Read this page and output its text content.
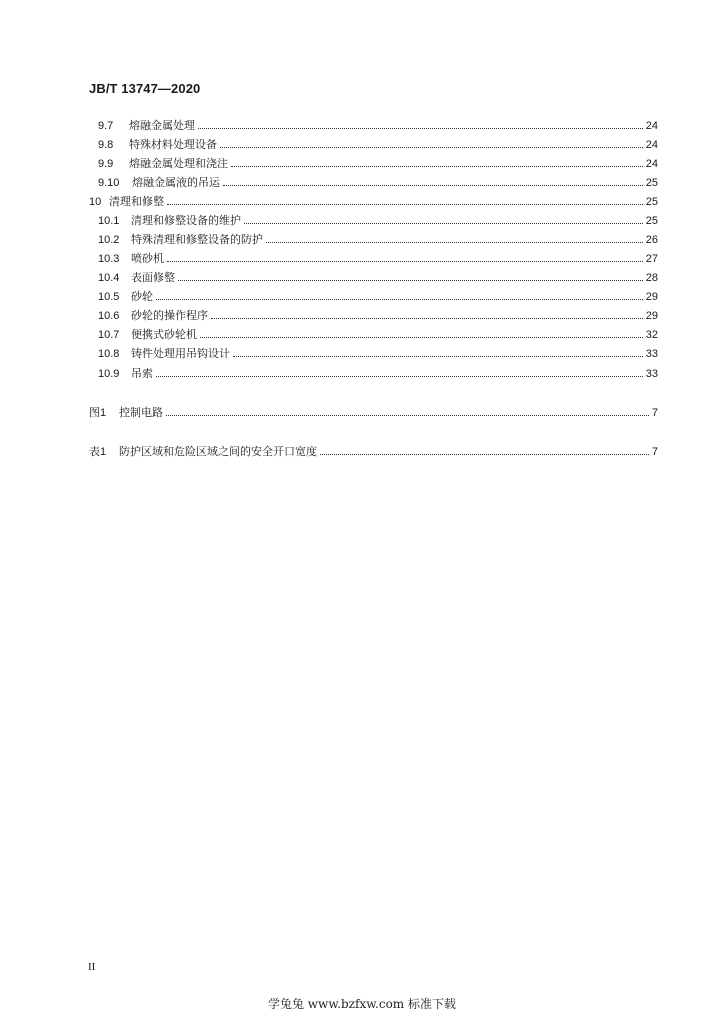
JB/T 13747—2020
9.7	熔融金属处理	24
9.8	特殊材料处理设备	24
9.9	熔融金属处理和浇注	24
9.10	熔融金属液的吊运	25
10 清理和修整	25
10.1	清理和修整设备的维护	25
10.2	特殊清理和修整设备的防护	26
10.3	喷砂机	27
10.4	表面修整	28
10.5	砂轮	29
10.6	砂轮的操作程序	29
10.7	便携式砂轮机	32
10.8	铸件处理用吊钩设计	33
10.9	吊索	33
图1	控制电路	7
表1	防护区域和危险区域之间的安全开口宽度	7
II
学兔兔 www.bzfxw.com 标准下载
